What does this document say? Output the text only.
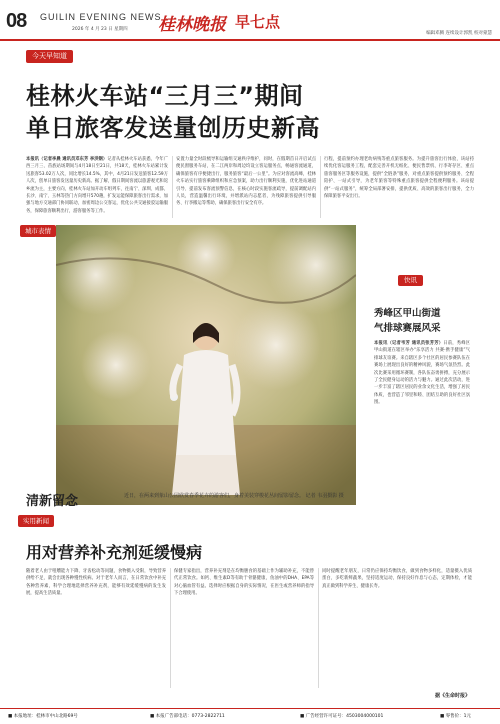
08 GUILIN EVENING NEWS
2026 年 4 月 23 日 星期四 桂林晚报 早七点
编辑邓腾 连续设计郭凯 校对蒙慧
今天早知道
桂林火车站“三月三”期间
单日旅客发送量创历史新高
本报讯（记者李晨 通讯员邓东芳 李洪钢）记者从桂林火车站获悉，今年广西三月三、苗族站场期间与4月18日至21日，共18天，桂林火车站累计发送旅客53.02万人次，同比增长14.5%，其中，4月21日发送旅客12.59万人次，创单日旅客发送量历史新高。据了解，假日期间客流以旅游观光和返乡流为主，主要方向，桂林火车站加开动车组列车，往南宁、深圳、成都、长沙、南宁、玉林等热门方向增开570趟，扩发运能保障旅客出行需求，加强与地方交通部门协同联动，加密周边公交客运，优化公共交通接驳运输服务，保障旅客顺利出行，游客服务等工作。
安置力量全时段梳导和运输组交通秩序维护，同时，在假期首日开启试点便民窗服务车站，在二江两岸和周边均设立客运服务点，畅通客流通道，确保旅客有序便捷出行，服务旅客“最后一公里”。为应对客流高峰，桂林火车站实行旅客乘降组织和应急预案，助力出行顺利实施，优化进站通道引导、提前发布客流预警信息，在核心时段实施客流疏导，提前调配站内人员，营造温馨出行环境，并增派站内志愿者，为残障旅客提供引导服务、行李搬运等帮助，确保旅客出行安全有序。
行程，提前预约办理老幼病残等重点旅客服务。为提升旅客出行体验，该站持续优化客运服务工程，配套完善开机无纸化、便民售票机、行李寄存区、重点旅客服务区等服务设施，提供“全链条”服务，对重点旅客提供预约服务、全程陪护、一站式引导，为老年旅客等特殊重点旅客提供全程便利服务。该站提供“一站式服务”，统筹全局部署安排，提供优质、高效的旅客出行服务，全力保障旅客平安出行。
城市表情
清新留念	近日，在两来到象山公园欣赏春季花卉的游客们，身着美装穿梭花丛间留影留念。 记者 韦羽摄影 摄
快讯
秀峰区甲山街道
气排球赛展风采
本报讯（记者韦芳 通讯员张芳芳）日前，秀峰区甲山街道在辖区举办“乐享活力 共赛·携手健康”气排球友谊赛。来自辖区多个社区的居民参赛队伍在赛场上展现出良好的精神风貌，赛场气氛热烈。此次比赛采用循环赛制，各队伍奋勇拼搏，充分展示了全民健身运动的活力与魅力。通过此次活动，进一步丰富了辖区居民的业余文化生活，增强了居民体质，也营造了邻里和睦、团结互助的良好社区氛围。
实用新闻
用对营养补充剂延缓慢病
随着老人由于咀嚼能力下降、牙齿松动等问题，食物摄入受限，导致营养供给不足，就会出现各种慢性疾病。对于老年人而言，在日常饮食中补充各种营养素，科学合理地选择营养补充剂，能够有效延缓慢病的发生发展，提高生活质量。
保健专家指出，营养补充剂是在均衡膳食的基础上作为辅助补充，不能替代正常饮食。如钙、维生素D等有助于骨骼健康，鱼油中的DHA、EPA等对心脑血管有益。选择时应根据自身的实际情况，在医生或营养师的指导下合理使用。
同时提醒老年朋友，日常仍应保持均衡饮食，做到食物多样化，适量摄入优质蛋白，多吃新鲜蔬果，坚持适度运动，保持良好作息与心态，定期体检，才能真正做到科学养生、健康长寿。
据《生命时报》
■ 本报地址：桂林市中山北路69号	■ 本报广告部电话：0773-2822711	■ 广告经营许可证号：4503004000101	■ 零售价：1元
